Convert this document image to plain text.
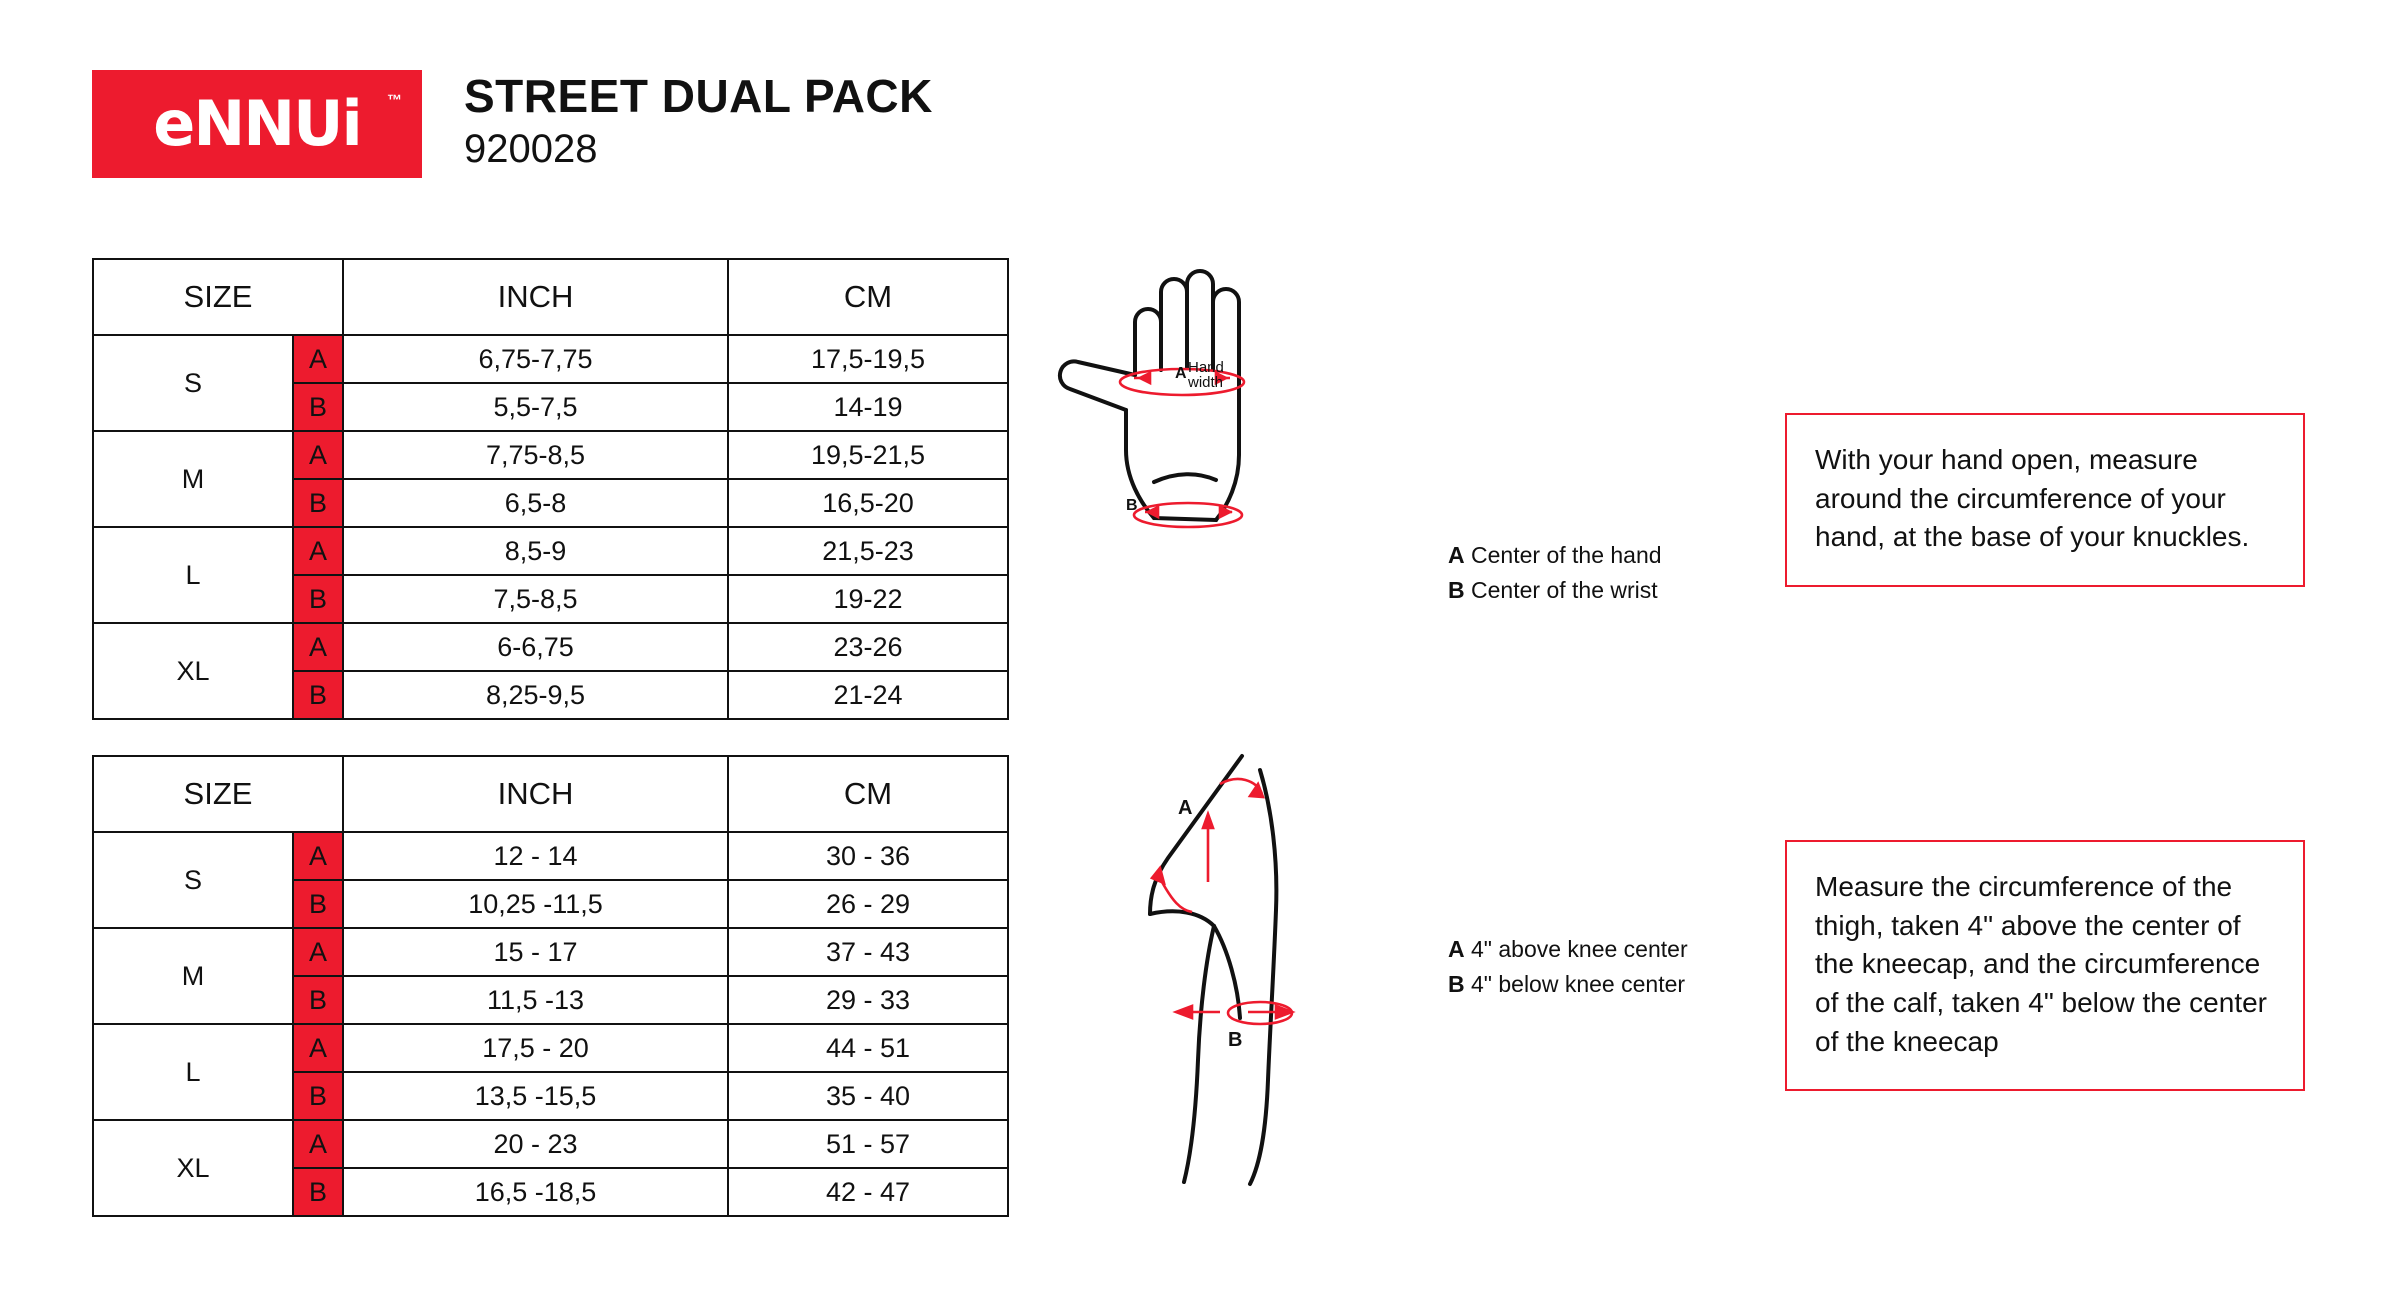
eNNUi ™ STREET DUAL PACK
920028
SIZE		INCH	CM
S	A	6,75-7,75	17,5-19,5
	B	5,5-7,5	14-19
M	A	7,75-8,5	19,5-21,5
	B	6,5-8	16,5-20
L	A	8,5-9	21,5-23
	B	7,5-8,5	19-22
XL	A	6-6,75	23-26
	B	8,25-9,5	21-24
SIZE		INCH	CM
S	A	12 - 14	30 - 36
	B	10,25 -11,5	26 - 29
M	A	15 - 17	37 - 43
	B	11,5 -13	29 - 33
L	A	17,5 - 20	44 - 51
	B	13,5 -15,5	35 - 40
XL	A	20 - 23	51 - 57
	B	16,5 -18,5	42 - 47
A Hand
width
B
A
B
A Center of the hand
B Center of the wrist
A 4" above knee center
B 4" below knee center
With your hand open, measure around the circumference of your hand, at the base of your knuckles.
Measure the circumference of the thigh, taken 4" above the center of the kneecap, and the circumference of the calf, taken 4" below the center of the kneecap
